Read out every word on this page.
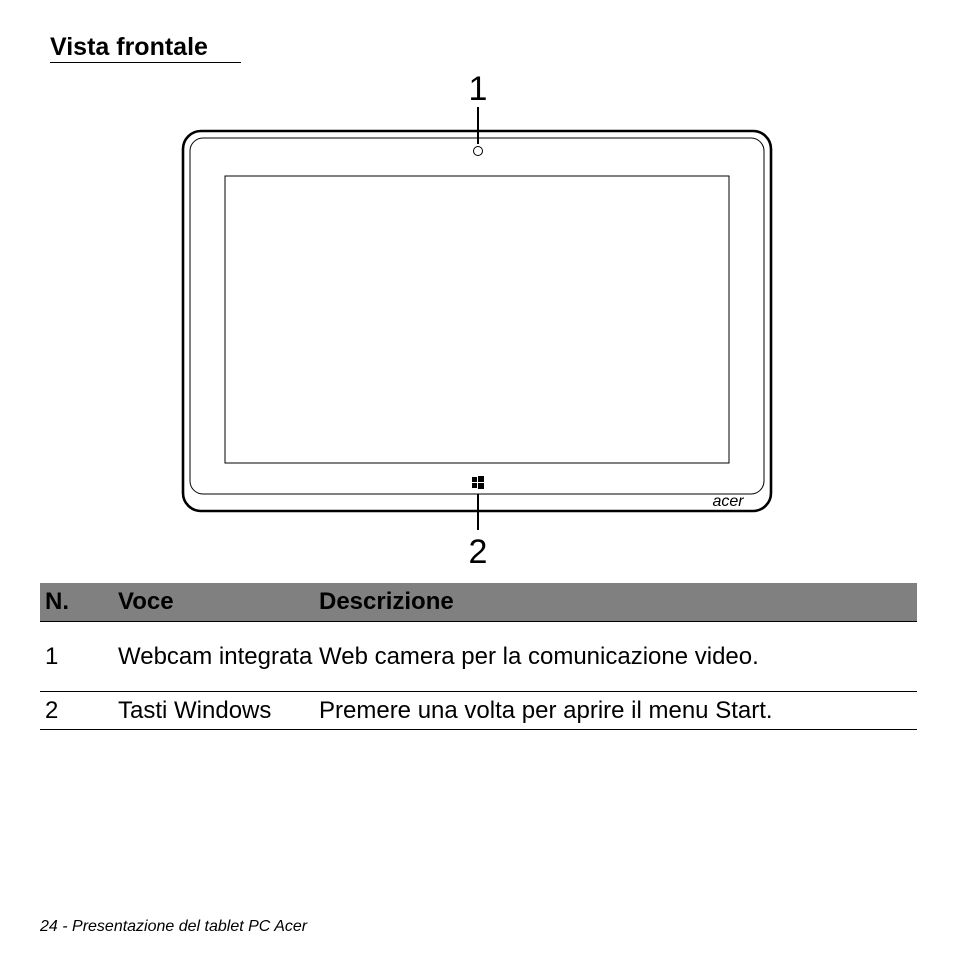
Vista frontale
1
2
acer
N.	Voce	Descrizione
1	Webcam integrata	Web camera per la comunicazione video.
2	Tasti Windows	Premere una volta per aprire il menu Start.
24 - Presentazione del tablet PC Acer
